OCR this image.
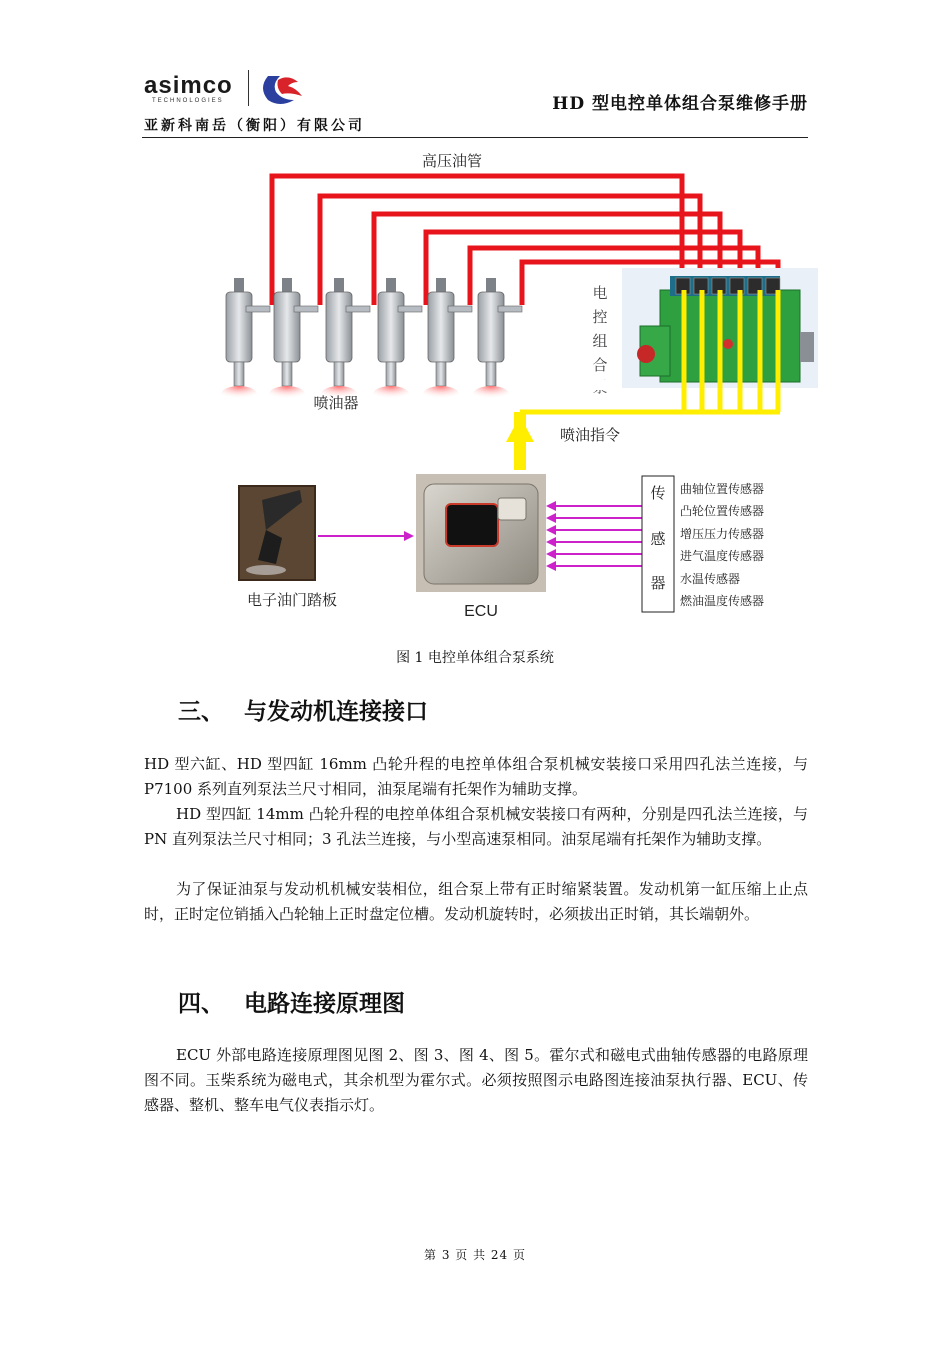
asimco
TECHNOLOGIES
亚新科南岳（衡阳）有限公司
HD 型电控单体组合泵维修手册
高压油管
喷油器
电
控
组
合
喷油指令
电子油门踏板
ECU
传
感
器
曲轴位置传感器
凸轮位置传感器
增压压力传感器
进气温度传感器
水温传感器
燃油温度传感器
图 1 电控单体组合泵系统
三、 与发动机连接接口

HD 型六缸、HD 型四缸 16mm 凸轮升程的电控单体组合泵机械安装接口采用四孔法兰连接，与 P7100 系列直列泵法兰尺寸相同，油泵尾端有托架作为辅助支撑。

HD 型四缸 14mm 凸轮升程的电控单体组合泵机械安装接口有两种，分别是四孔法兰连接，与 PN 直列泵法兰尺寸相同；3 孔法兰连接，与小型高速泵相同。油泵尾端有托架作为辅助支撑。

为了保证油泵与发动机机械安装相位，组合泵上带有正时缩紧装置。发动机第一缸压缩上止点时，正时定位销插入凸轮轴上正时盘定位槽。发动机旋转时，必须拔出正时销，其长端朝外。

四、 电路连接原理图

ECU 外部电路连接原理图见图 2、图 3、图 4、图 5。霍尔式和磁电式曲轴传感器的电路原理图不同。玉柴系统为磁电式，其余机型为霍尔式。必须按照图示电路图连接油泵执行器、ECU、传感器、整机、整车电气仪表指示灯。

第 3 页 共 24 页
